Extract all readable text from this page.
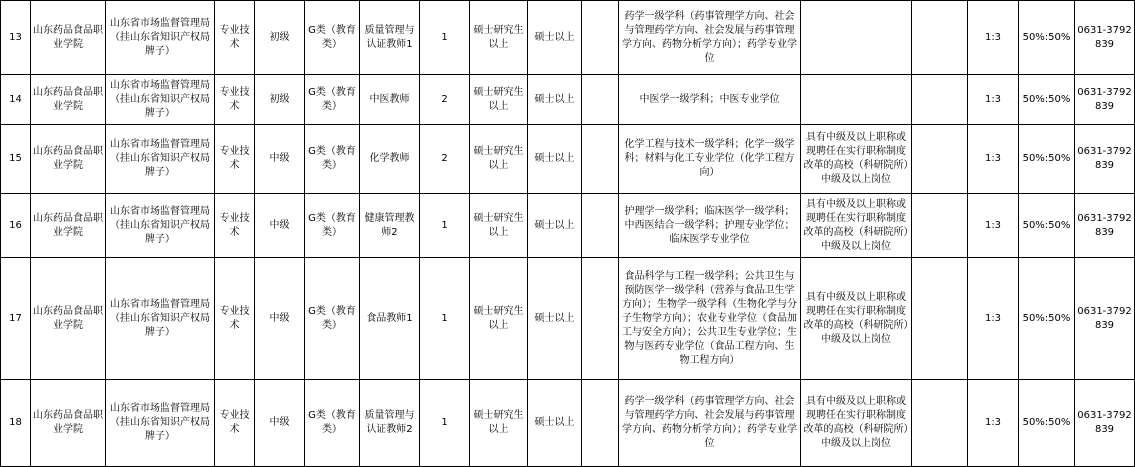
13	山东药品食品职业学院	山东省市场监督管理局（挂山东省知识产权局牌子）	专业技术	初级	G类（教育类）	质量管理与认证教师1	1	硕士研究生以上	硕士以上		药学一级学科（药事管理学方向、社会与管理药学方向、社会发展与药事管理学方向、药物分析学方向）；药学专业学位			1:3	50%:50%	0631-3792839
14	山东药品食品职业学院	山东省市场监督管理局（挂山东省知识产权局牌子）	专业技术	初级	G类（教育类）	中医教师	2	硕士研究生以上	硕士以上		中医学一级学科；中医专业学位			1:3	50%:50%	0631-3792839
15	山东药品食品职业学院	山东省市场监督管理局（挂山东省知识产权局牌子）	专业技术	中级	G类（教育类）	化学教师	2	硕士研究生以上	硕士以上		化学工程与技术一级学科；化学一级学科；材料与化工专业学位（化学工程方向）	具有中级及以上职称或现聘任在实行职称制度改革的高校（科研院所）中级及以上岗位		1:3	50%:50%	0631-3792839
16	山东药品食品职业学院	山东省市场监督管理局（挂山东省知识产权局牌子）	专业技术	中级	G类（教育类）	健康管理教师2	1	硕士研究生以上	硕士以上		护理学一级学科；临床医学一级学科；中西医结合一级学科；护理专业学位；临床医学专业学位	具有中级及以上职称或现聘任在实行职称制度改革的高校（科研院所）中级及以上岗位		1:3	50%:50%	0631-3792839
17	山东药品食品职业学院	山东省市场监督管理局（挂山东省知识产权局牌子）	专业技术	中级	G类（教育类）	食品教师1	1	硕士研究生以上	硕士以上		食品科学与工程一级学科；公共卫生与预防医学一级学科（营养与食品卫生学方向）；生物学一级学科（生物化学与分子生物学方向）；农业专业学位（食品加工与安全方向）；公共卫生专业学位；生物与医药专业学位（食品工程方向、生物工程方向）	具有中级及以上职称或现聘任在实行职称制度改革的高校（科研院所）中级及以上岗位		1:3	50%:50%	0631-3792839
18	山东药品食品职业学院	山东省市场监督管理局（挂山东省知识产权局牌子）	专业技术	中级	G类（教育类）	质量管理与认证教师2	1	硕士研究生以上	硕士以上		药学一级学科（药事管理学方向、社会与管理药学方向、社会发展与药事管理学方向、药物分析学方向）；药学专业学位	具有中级及以上职称或现聘任在实行职称制度改革的高校（科研院所）中级及以上岗位		1:3	50%:50%	0631-3792839
